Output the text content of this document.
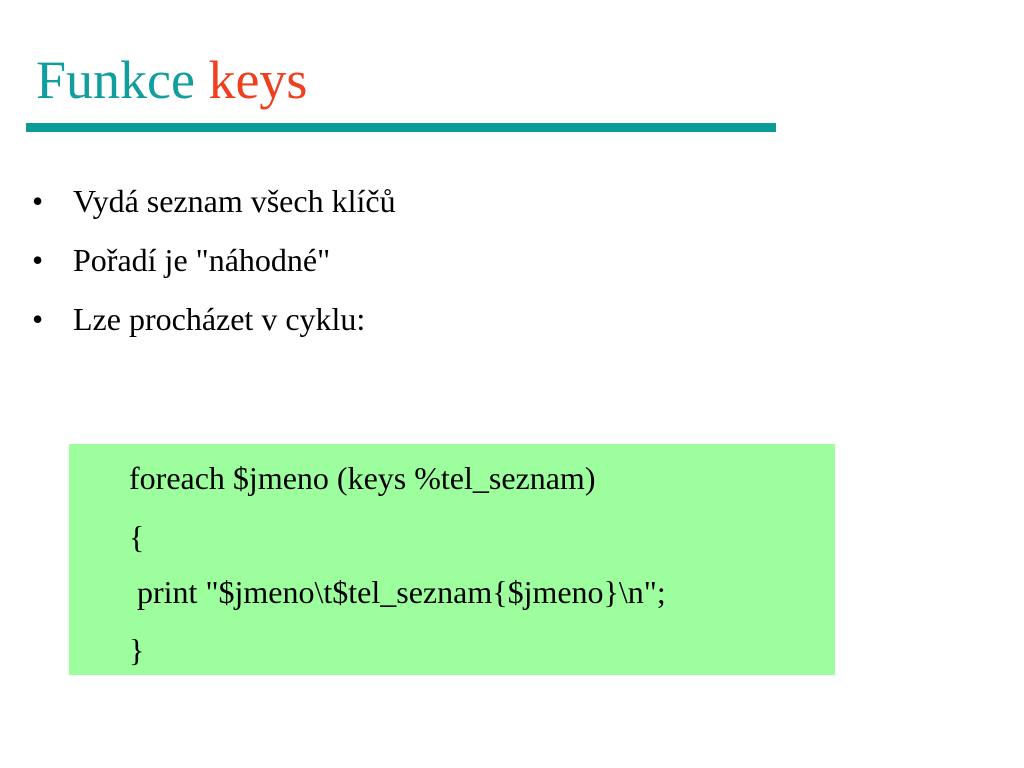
Funkce keys
• Vydá seznam všech klíčů
• Pořadí je "náhodné"
• Lze procházet v cyklu:
foreach $jmeno (keys %tel_seznam)
{
print "$jmeno\t$tel_seznam{$jmeno}\n";
}
